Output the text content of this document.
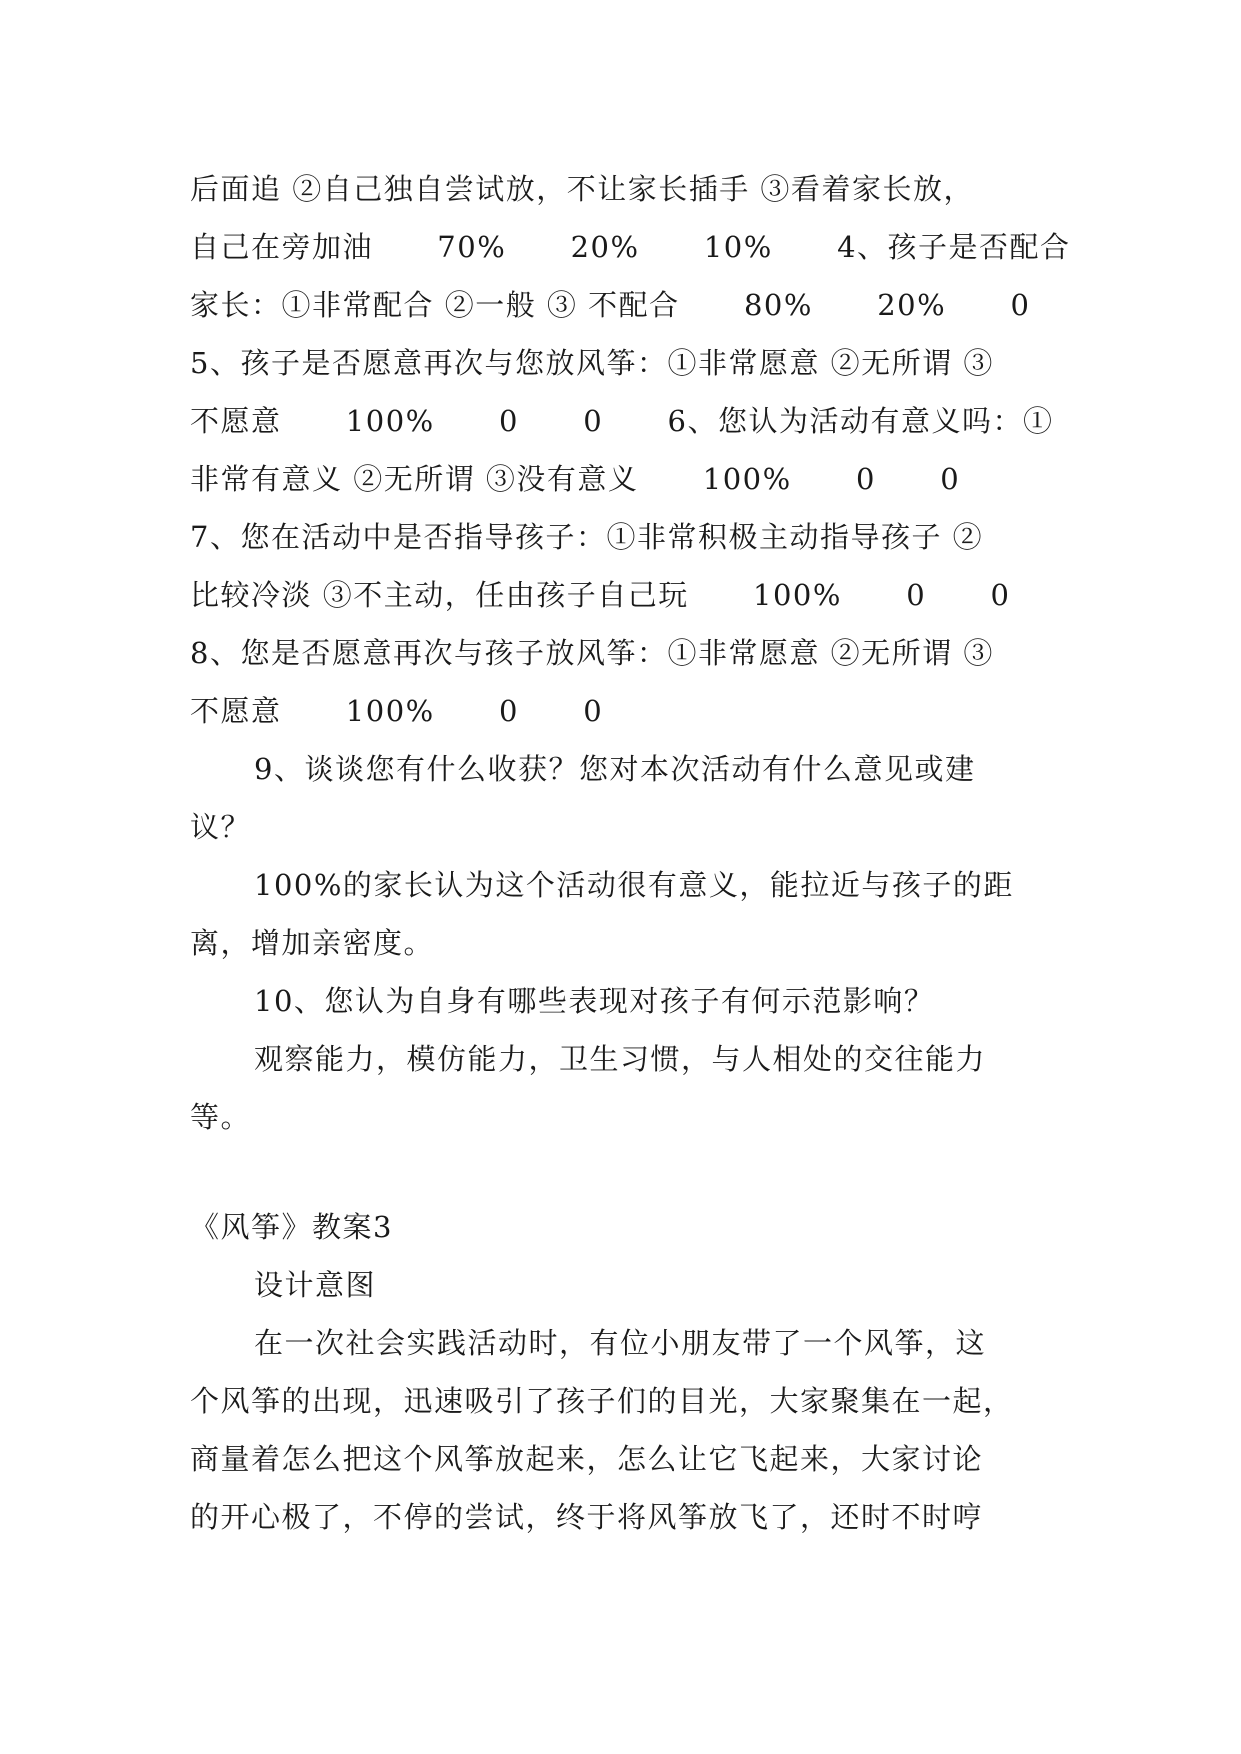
后面追 ②自己独自尝试放，不让家长插手 ③看着家长放，
自己在旁加油      70%      20%      10%      4、孩子是否配合
家长：①非常配合 ②一般 ③ 不配合      80%      20%      0
5、孩子是否愿意再次与您放风筝：①非常愿意 ②无所谓 ③
不愿意      100%      0      0      6、您认为活动有意义吗：①
非常有意义 ②无所谓 ③没有意义      100%      0      0
7、您在活动中是否指导孩子：①非常积极主动指导孩子 ②
比较冷淡 ③不主动，任由孩子自己玩      100%      0      0
8、您是否愿意再次与孩子放风筝：①非常愿意 ②无所谓 ③
不愿意      100%      0      0
9、谈谈您有什么收获？您对本次活动有什么意见或建
议？
100%的家长认为这个活动很有意义，能拉近与孩子的距
离，增加亲密度。
10、您认为自身有哪些表现对孩子有何示范影响？
观察能力，模仿能力，卫生习惯，与人相处的交往能力
等。
《风筝》教案3
设计意图
在一次社会实践活动时，有位小朋友带了一个风筝，这
个风筝的出现，迅速吸引了孩子们的目光，大家聚集在一起，
商量着怎么把这个风筝放起来，怎么让它飞起来，大家讨论
的开心极了，不停的尝试，终于将风筝放飞了，还时不时哼
